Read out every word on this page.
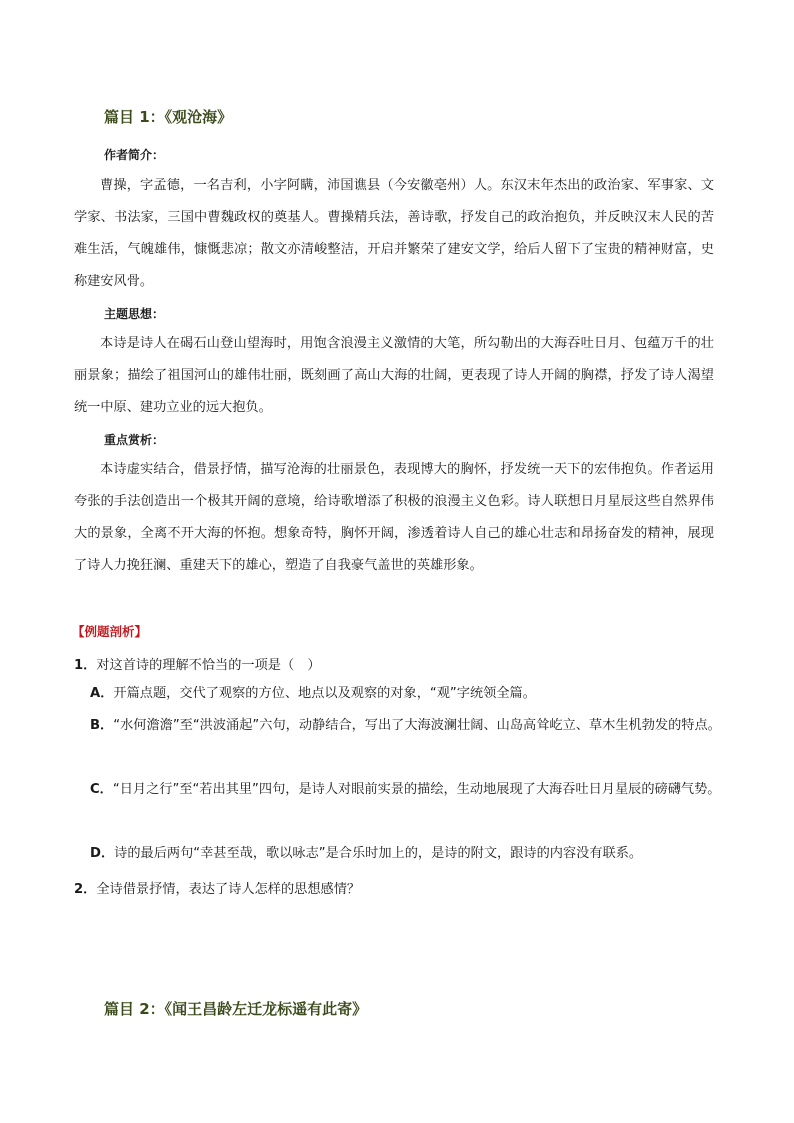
篇目 1：《观沧海》
作者简介：
曹操，字孟德，一名吉利，小字阿瞒，沛国谯县（今安徽亳州）人。东汉末年杰出的政治家、军事家、文学家、书法家，三国中曹魏政权的奠基人。曹操精兵法，善诗歌，抒发自己的政治抱负，并反映汉末人民的苦难生活，气魄雄伟，慷慨悲凉；散文亦清峻整洁，开启并繁荣了建安文学，给后人留下了宝贵的精神财富，史称建安风骨。
主题思想：
本诗是诗人在碣石山登山望海时，用饱含浪漫主义激情的大笔，所勾勒出的大海吞吐日月、包蕴万千的壮丽景象；描绘了祖国河山的雄伟壮丽，既刻画了高山大海的壮阔，更表现了诗人开阔的胸襟，抒发了诗人渴望统一中原、建功立业的远大抱负。
重点赏析：
本诗虚实结合，借景抒情，描写沧海的壮丽景色，表现博大的胸怀，抒发统一天下的宏伟抱负。作者运用夸张的手法创造出一个极其开阔的意境，给诗歌增添了积极的浪漫主义色彩。诗人联想日月星辰这些自然界伟大的景象，全离不开大海的怀抱。想象奇特，胸怀开阔，渗透着诗人自己的雄心壮志和昂扬奋发的精神，展现了诗人力挽狂澜、重建天下的雄心，塑造了自我豪气盖世的英雄形象。
【例题剖析】
1．对这首诗的理解不恰当的一项是（　）
A．开篇点题，交代了观察的方位、地点以及观察的对象，“观”字统领全篇。
B．“水何澹澹”至“洪波涌起”六句，动静结合，写出了大海波澜壮阔、山岛高耸屹立、草木生机勃发的特点。
C．“日月之行”至“若出其里”四句，是诗人对眼前实景的描绘，生动地展现了大海吞吐日月星辰的磅礴气势。
D．诗的最后两句“幸甚至哉，歌以咏志”是合乐时加上的，是诗的附文，跟诗的内容没有联系。
2．全诗借景抒情，表达了诗人怎样的思想感情？
篇目 2：《闻王昌龄左迁龙标遥有此寄》
